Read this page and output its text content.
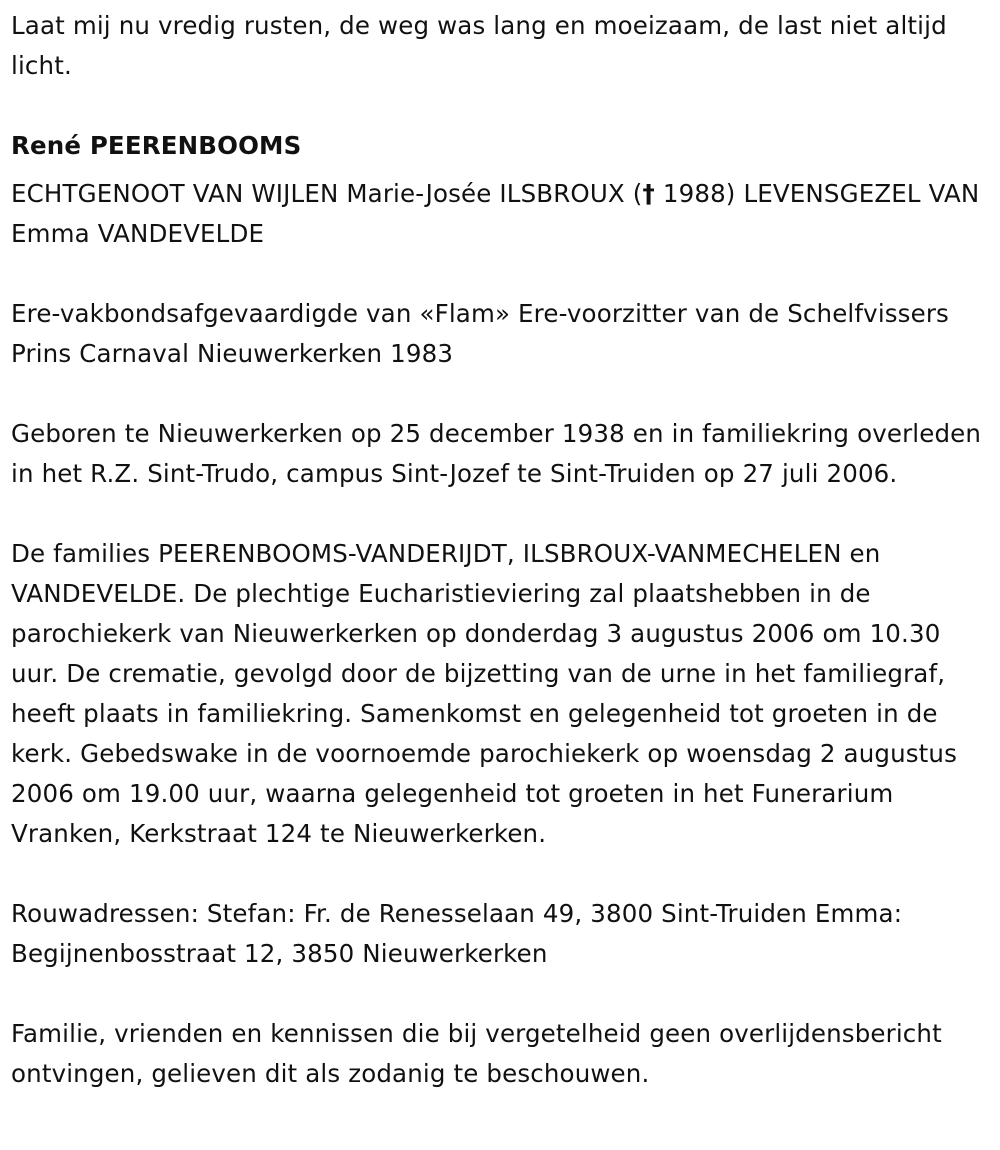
Laat mij nu vredig rusten, de weg was lang en moeizaam, de last niet altijd licht.

René PEERENBOOMS

ECHTGENOOT VAN WIJLEN Marie-Josée ILSBROUX († 1988) LEVENSGEZEL VAN Emma VANDEVELDE

Ere-vakbondsafgevaardigde van «Flam» Ere-voorzitter van de Schelfvissers Prins Carnaval Nieuwerkerken 1983

Geboren te Nieuwerkerken op 25 december 1938 en in familiekring overleden in het R.Z. Sint-Trudo, campus Sint-Jozef te Sint-Truiden op 27 juli 2006.

De families PEERENBOOMS-VANDERIJDT, ILSBROUX-VANMECHELEN en VANDEVELDE. De plechtige Eucharistieviering zal plaatshebben in de parochiekerk van Nieuwerkerken op donderdag 3 augustus 2006 om 10.30 uur. De crematie, gevolgd door de bijzetting van de urne in het familiegraf, heeft plaats in familiekring. Samenkomst en gelegenheid tot groeten in de kerk. Gebedswake in de voornoemde parochiekerk op woensdag 2 augustus 2006 om 19.00 uur, waarna gelegenheid tot groeten in het Funerarium Vranken, Kerkstraat 124 te Nieuwerkerken.

Rouwadressen: Stefan: Fr. de Renesselaan 49, 3800 Sint-Truiden Emma: Begijnenbosstraat 12, 3850 Nieuwerkerken

Familie, vrienden en kennissen die bij vergetelheid geen overlijdensbericht ontvingen, gelieven dit als zodanig te beschouwen.
